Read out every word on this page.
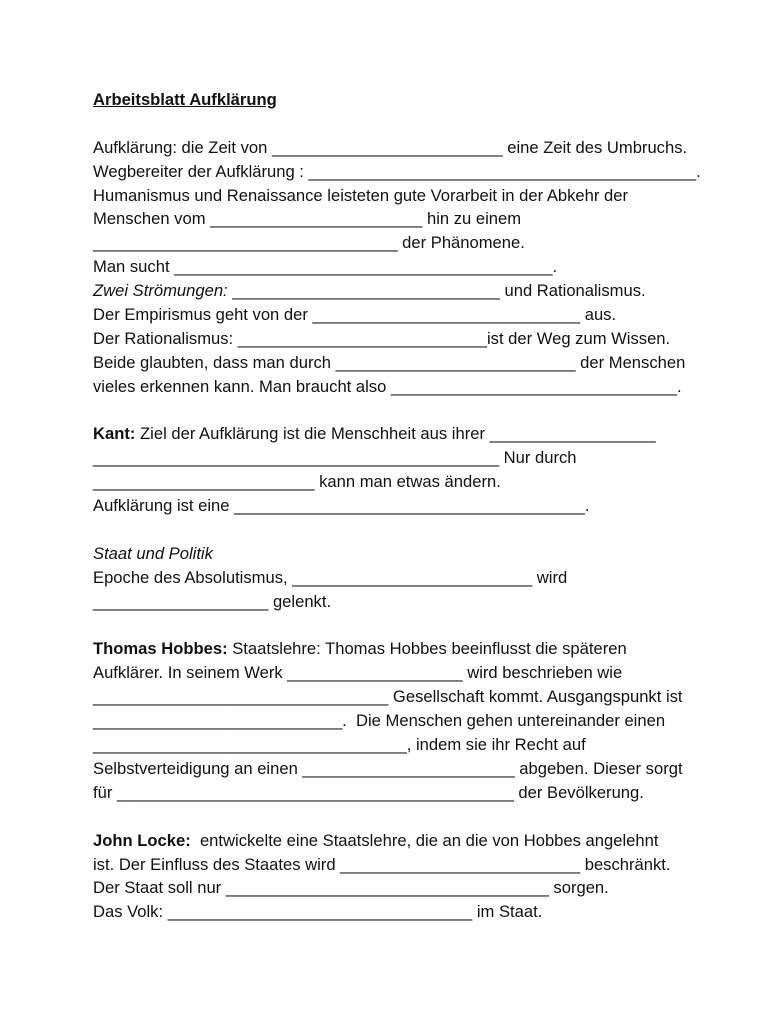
Arbeitsblatt Aufklärung
Aufklärung: die Zeit von _________________________ eine Zeit des Umbruchs.
Wegbereiter der Aufklärung : __________________________________________.
Humanismus und Renaissance leisteten gute Vorarbeit in der Abkehr der
Menschen vom _______________________ hin zu einem
_________________________________ der Phänomene.
Man sucht _________________________________________.
Zwei Strömungen: _____________________________ und Rationalismus.
Der Empirismus geht von der _____________________________ aus.
Der Rationalismus: ___________________________ist der Weg zum Wissen.
Beide glaubten, dass man durch __________________________ der Menschen
vieles erkennen kann. Man braucht also _______________________________.
Kant: Ziel der Aufklärung ist die Menschheit aus ihrer __________________
____________________________________________ Nur durch
________________________ kann man etwas ändern.
Aufklärung ist eine ______________________________________.
Staat und Politik
Epoche des Absolutismus, __________________________ wird
___________________ gelenkt.
Thomas Hobbes: Staatslehre: Thomas Hobbes beeinflusst die späteren
Aufklärer. In seinem Werk ___________________ wird beschrieben wie
________________________________ Gesellschaft kommt. Ausgangspunkt ist
___________________________.  Die Menschen gehen untereinander einen
__________________________________, indem sie ihr Recht auf
Selbstverteidigung an einen _______________________ abgeben. Dieser sorgt
für ___________________________________________ der Bevölkerung.
John Locke:  entwickelte eine Staatslehre, die an die von Hobbes angelehnt
ist. Der Einfluss des Staates wird __________________________ beschränkt.
Der Staat soll nur ___________________________________ sorgen.
Das Volk: _________________________________ im Staat.
